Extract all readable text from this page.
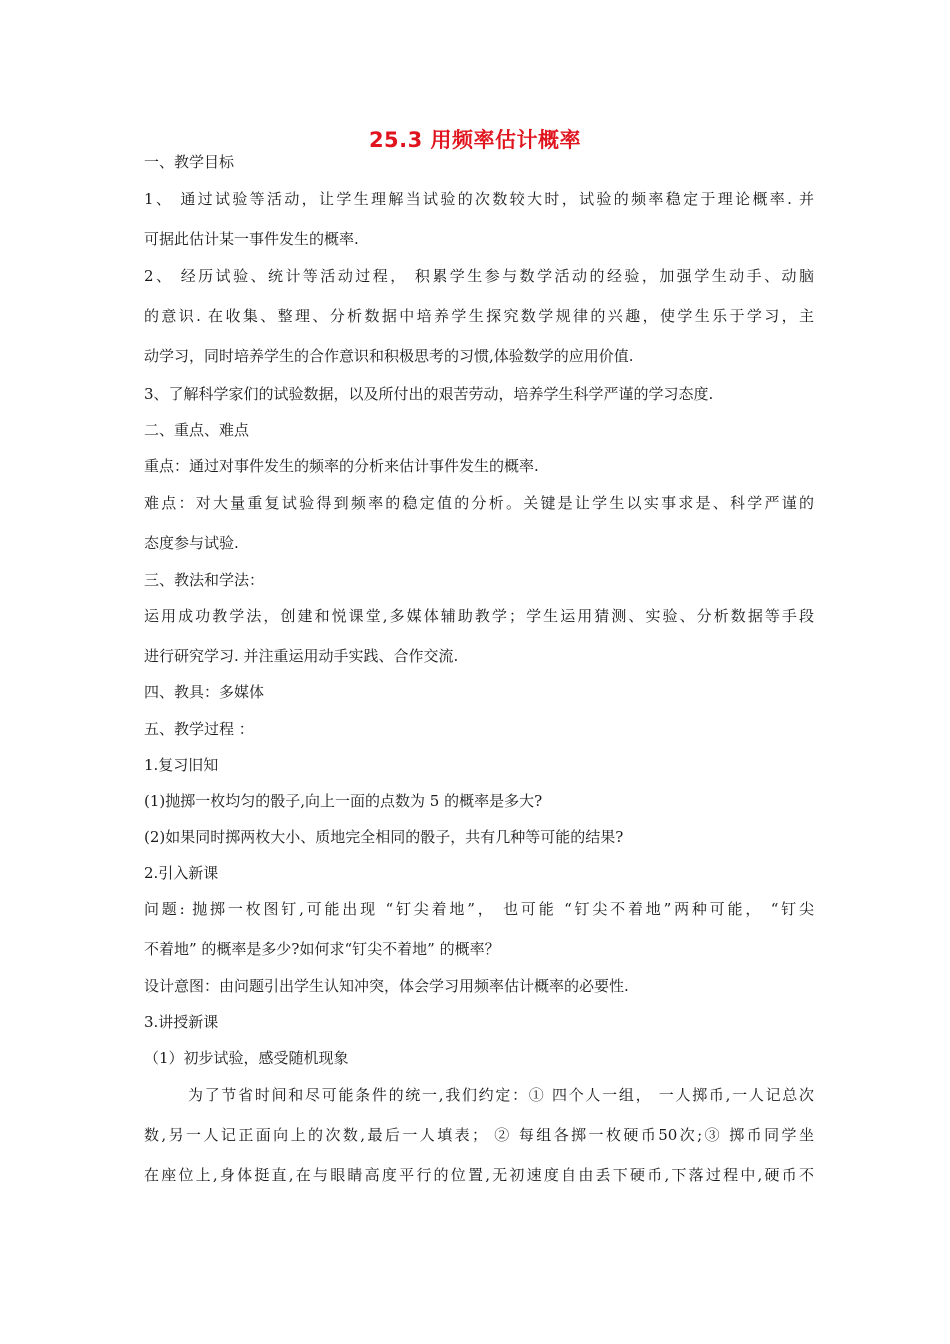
25.3 用频率估计概率
一、教学目标
1、 通过试验等活动，让学生理解当试验的次数较大时，试验的频率稳定于理论概率. 并
可据此估计某一事件发生的概率.
2、 经历试验、统计等活动过程， 积累学生参与数学活动的经验，加强学生动手、动脑
的意识. 在收集、整理、分析数据中培养学生探究数学规律的兴趣，使学生乐于学习，主
动学习，同时培养学生的合作意识和积极思考的习惯,体验数学的应用价值.
3、了解科学家们的试验数据，以及所付出的艰苦劳动，培养学生科学严谨的学习态度.
二、重点、难点
重点：通过对事件发生的频率的分析来估计事件发生的概率.
难点：对大量重复试验得到频率的稳定值的分析。关键是让学生以实事求是、科学严谨的
态度参与试验.
三、教法和学法：
运用成功教学法，创建和悦课堂,多媒体辅助教学；学生运用猜测、实验、分析数据等手段
进行研究学习. 并注重运用动手实践、合作交流.
四、教具：多媒体
五、教学过程 ：
1.复习旧知
(1)抛掷一枚均匀的骰子,向上一面的点数为 5 的概率是多大?
(2)如果同时掷两枚大小、质地完全相同的骰子，共有几种等可能的结果?
2.引入新课
问题: 抛掷一枚图钉,可能出现 “钉尖着地”， 也可能 “钉尖不着地”两种可能， “钉尖
不着地” 的概率是多少?如何求“钉尖不着地” 的概率？
设计意图：由问题引出学生认知冲突，体会学习用频率估计概率的必要性.
3.讲授新课
（1）初步试验，感受随机现象
为了节省时间和尽可能条件的统一,我们约定：① 四个人一组， 一人掷币,一人记总次
数,另一人记正面向上的次数,最后一人填表； ② 每组各掷一枚硬币50次;③ 掷币同学坐
在座位上,身体挺直,在与眼睛高度平行的位置,无初速度自由丢下硬币,下落过程中,硬币不
